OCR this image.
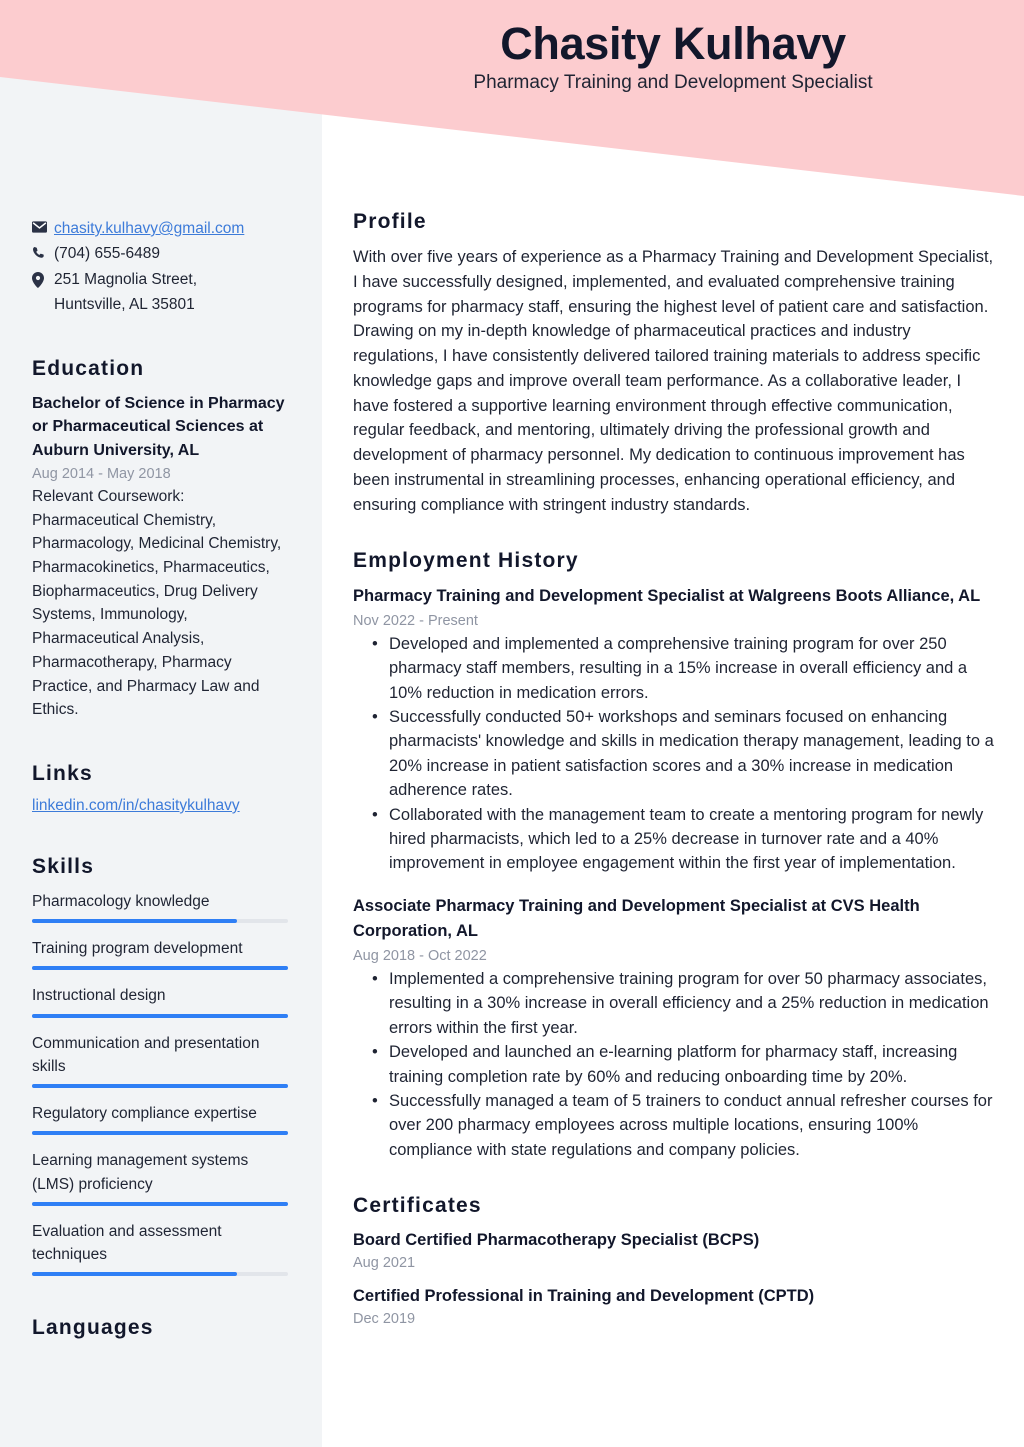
Chasity Kulhavy
Pharmacy Training and Development Specialist
chasity.kulhavy@gmail.com
(704) 655-6489
251 Magnolia Street,
Huntsville, AL 35801
Education
Bachelor of Science in Pharmacy or Pharmaceutical Sciences at Auburn University, AL
Aug 2014 - May 2018
Relevant Coursework: Pharmaceutical Chemistry, Pharmacology, Medicinal Chemistry, Pharmacokinetics, Pharmaceutics, Biopharmaceutics, Drug Delivery Systems, Immunology, Pharmaceutical Analysis, Pharmacotherapy, Pharmacy Practice, and Pharmacy Law and Ethics.
Links
linkedin.com/in/chasitykulhavy
Skills
Pharmacology knowledge
Training program development
Instructional design
Communication and presentation skills
Regulatory compliance expertise
Learning management systems (LMS) proficiency
Evaluation and assessment techniques
Languages
Profile
With over five years of experience as a Pharmacy Training and Development Specialist, I have successfully designed, implemented, and evaluated comprehensive training programs for pharmacy staff, ensuring the highest level of patient care and satisfaction. Drawing on my in-depth knowledge of pharmaceutical practices and industry regulations, I have consistently delivered tailored training materials to address specific knowledge gaps and improve overall team performance. As a collaborative leader, I have fostered a supportive learning environment through effective communication, regular feedback, and mentoring, ultimately driving the professional growth and development of pharmacy personnel. My dedication to continuous improvement has been instrumental in streamlining processes, enhancing operational efficiency, and ensuring compliance with stringent industry standards.
Employment History
Pharmacy Training and Development Specialist at Walgreens Boots Alliance, AL
Nov 2022 - Present
• Developed and implemented a comprehensive training program for over 250 pharmacy staff members, resulting in a 15% increase in overall efficiency and a 10% reduction in medication errors.
• Successfully conducted 50+ workshops and seminars focused on enhancing pharmacists' knowledge and skills in medication therapy management, leading to a 20% increase in patient satisfaction scores and a 30% increase in medication adherence rates.
• Collaborated with the management team to create a mentoring program for newly hired pharmacists, which led to a 25% decrease in turnover rate and a 40% improvement in employee engagement within the first year of implementation.
Associate Pharmacy Training and Development Specialist at CVS Health Corporation, AL
Aug 2018 - Oct 2022
• Implemented a comprehensive training program for over 50 pharmacy associates, resulting in a 30% increase in overall efficiency and a 25% reduction in medication errors within the first year.
• Developed and launched an e-learning platform for pharmacy staff, increasing training completion rate by 60% and reducing onboarding time by 20%.
• Successfully managed a team of 5 trainers to conduct annual refresher courses for over 200 pharmacy employees across multiple locations, ensuring 100% compliance with state regulations and company policies.
Certificates
Board Certified Pharmacotherapy Specialist (BCPS)
Aug 2021
Certified Professional in Training and Development (CPTD)
Dec 2019
